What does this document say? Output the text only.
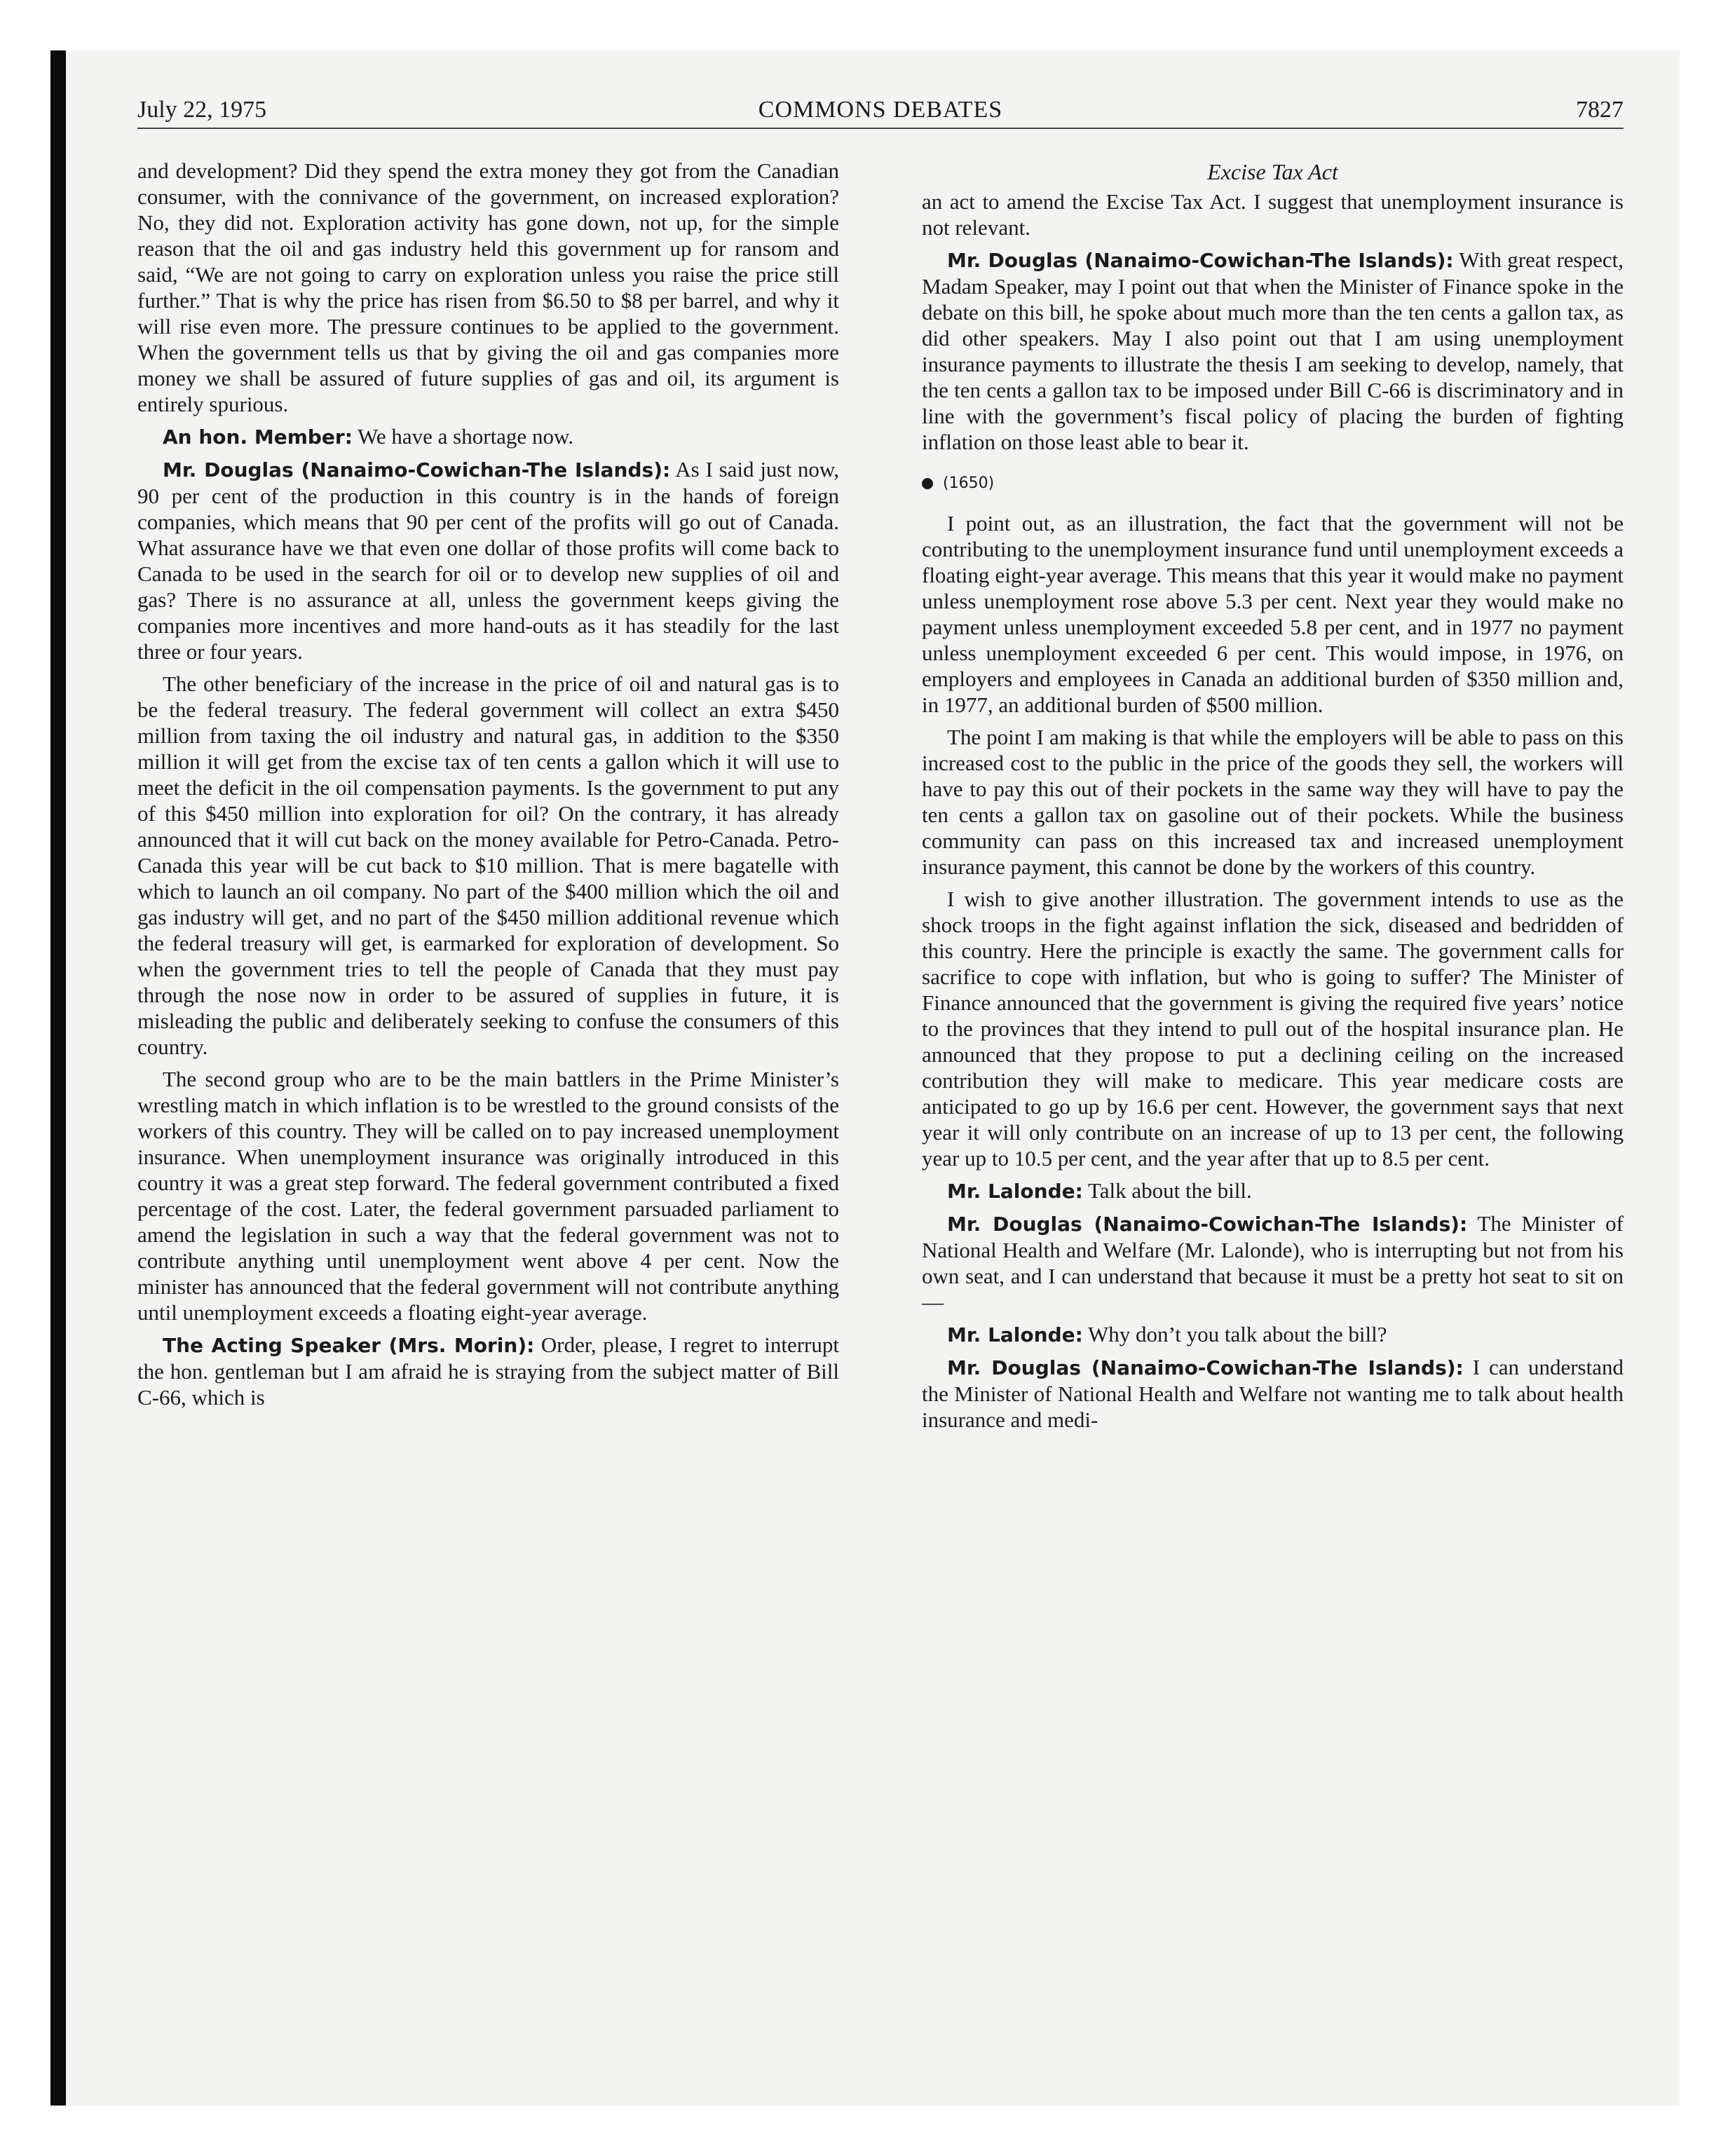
July 22, 1975	COMMONS DEBATES	7827

and development? Did they spend the extra money they got from the Canadian consumer, with the connivance of the government, on increased exploration? No, they did not. Exploration activity has gone down, not up, for the simple reason that the oil and gas industry held this government up for ransom and said, “We are not going to carry on exploration unless you raise the price still further.” That is why the price has risen from $6.50 to $8 per barrel, and why it will rise even more. The pressure continues to be applied to the government. When the government tells us that by giving the oil and gas companies more money we shall be assured of future supplies of gas and oil, its argument is entirely spurious.

An hon. Member: We have a shortage now.

Mr. Douglas (Nanaimo-Cowichan-The Islands): As I said just now, 90 per cent of the production in this country is in the hands of foreign companies, which means that 90 per cent of the profits will go out of Canada. What assurance have we that even one dollar of those profits will come back to Canada to be used in the search for oil or to develop new supplies of oil and gas? There is no assurance at all, unless the government keeps giving the companies more incentives and more hand-outs as it has steadily for the last three or four years.

The other beneficiary of the increase in the price of oil and natural gas is to be the federal treasury. The federal government will collect an extra $450 million from taxing the oil industry and natural gas, in addition to the $350 million it will get from the excise tax of ten cents a gallon which it will use to meet the deficit in the oil compensation payments. Is the government to put any of this $450 million into exploration for oil? On the contrary, it has already announced that it will cut back on the money available for Petro-Canada. Petro-Canada this year will be cut back to $10 million. That is mere bagatelle with which to launch an oil company. No part of the $400 million which the oil and gas industry will get, and no part of the $450 million additional revenue which the federal treasury will get, is earmarked for exploration of development. So when the government tries to tell the people of Canada that they must pay through the nose now in order to be assured of supplies in future, it is misleading the public and deliberately seeking to confuse the consumers of this country.

The second group who are to be the main battlers in the Prime Minister’s wrestling match in which inflation is to be wrestled to the ground consists of the workers of this country. They will be called on to pay increased unemployment insurance. When unemployment insurance was originally introduced in this country it was a great step forward. The federal government contributed a fixed percentage of the cost. Later, the federal government parsuaded parliament to amend the legislation in such a way that the federal government was not to contribute anything until unemployment went above 4 per cent. Now the minister has announced that the federal government will not contribute anything until unemployment exceeds a floating eight-year average.

The Acting Speaker (Mrs. Morin): Order, please, I regret to interrupt the hon. gentleman but I am afraid he is straying from the subject matter of Bill C-66, which is

Excise Tax Act

an act to amend the Excise Tax Act. I suggest that unemployment insurance is not relevant.

Mr. Douglas (Nanaimo-Cowichan-The Islands): With great respect, Madam Speaker, may I point out that when the Minister of Finance spoke in the debate on this bill, he spoke about much more than the ten cents a gallon tax, as did other speakers. May I also point out that I am using unemployment insurance payments to illustrate the thesis I am seeking to develop, namely, that the ten cents a gallon tax to be imposed under Bill C-66 is discriminatory and in line with the government’s fiscal policy of placing the burden of fighting inflation on those least able to bear it.

(1650)

I point out, as an illustration, the fact that the government will not be contributing to the unemployment insurance fund until unemployment exceeds a floating eight-year average. This means that this year it would make no payment unless unemployment rose above 5.3 per cent. Next year they would make no payment unless unemployment exceeded 5.8 per cent, and in 1977 no payment unless unemployment exceeded 6 per cent. This would impose, in 1976, on employers and employees in Canada an additional burden of $350 million and, in 1977, an additional burden of $500 million.

The point I am making is that while the employers will be able to pass on this increased cost to the public in the price of the goods they sell, the workers will have to pay this out of their pockets in the same way they will have to pay the ten cents a gallon tax on gasoline out of their pockets. While the business community can pass on this increased tax and increased unemployment insurance payment, this cannot be done by the workers of this country.

I wish to give another illustration. The government intends to use as the shock troops in the fight against inflation the sick, diseased and bedridden of this country. Here the principle is exactly the same. The government calls for sacrifice to cope with inflation, but who is going to suffer? The Minister of Finance announced that the government is giving the required five years’ notice to the provinces that they intend to pull out of the hospital insurance plan. He announced that they propose to put a declining ceiling on the increased contribution they will make to medicare. This year medicare costs are anticipated to go up by 16.6 per cent. However, the government says that next year it will only contribute on an increase of up to 13 per cent, the following year up to 10.5 per cent, and the year after that up to 8.5 per cent.

Mr. Lalonde: Talk about the bill.

Mr. Douglas (Nanaimo-Cowichan-The Islands): The Minister of National Health and Welfare (Mr. Lalonde), who is interrupting but not from his own seat, and I can understand that because it must be a pretty hot seat to sit on—

Mr. Lalonde: Why don’t you talk about the bill?

Mr. Douglas (Nanaimo-Cowichan-The Islands): I can understand the Minister of National Health and Welfare not wanting me to talk about health insurance and medi-
